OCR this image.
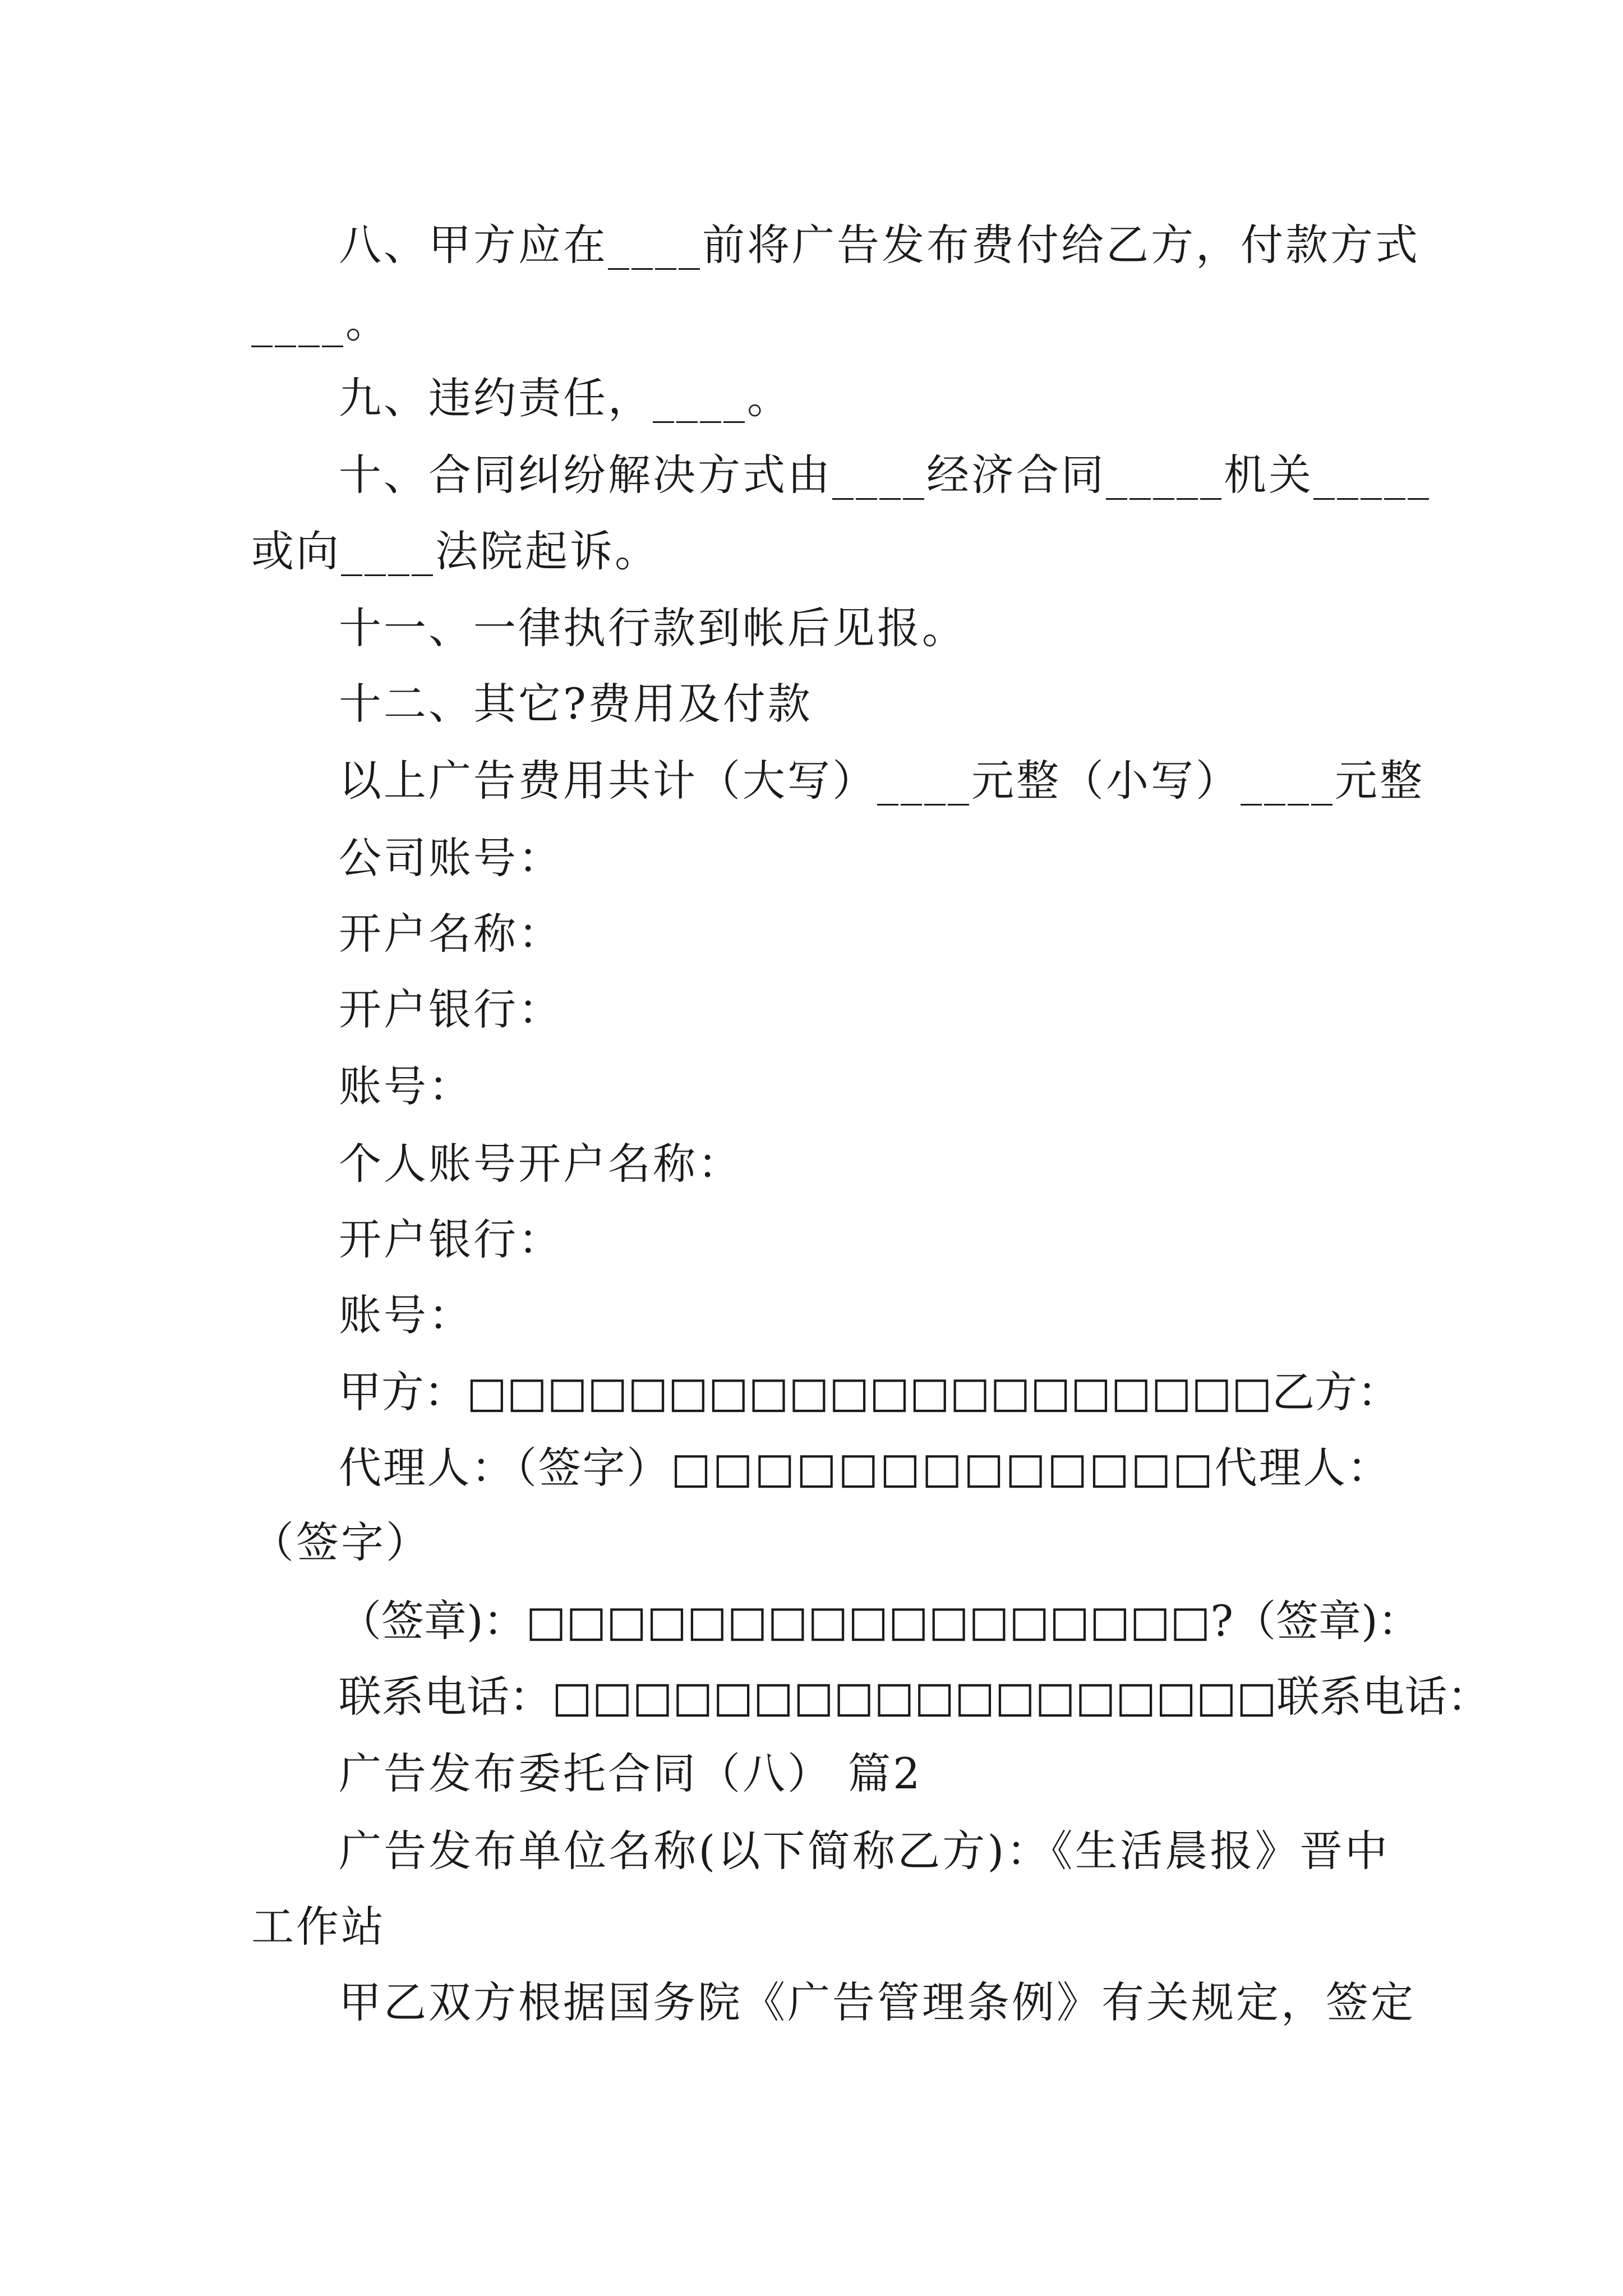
八、甲方应在____前将广告发布费付给乙方，付款方式
____。
九、违约责任，____。
十、合同纠纷解决方式由____经济合同_____机关_____
或向____法院起诉。
十一、一律执行款到帐后见报。
十二、其它?费用及付款
以上广告费用共计（大写）____元整（小写）____元整
公司账号：
开户名称：
开户银行：
账号：
个人账号开户名称：
开户银行：
账号：
甲方：□□□□□□□□□□□□□□□□□□□□乙方：
代理人：（签字）□□□□□□□□□□□□□代理人：
（签字）
（签章)：□□□□□□□□□□□□□□□□□?（签章)：
联系电话：□□□□□□□□□□□□□□□□□□联系电话：
广告发布委托合同（八） 篇2
广告发布单位名称(以下简称乙方)：《生活晨报》晋中
工作站
甲乙双方根据国务院《广告管理条例》有关规定，签定
